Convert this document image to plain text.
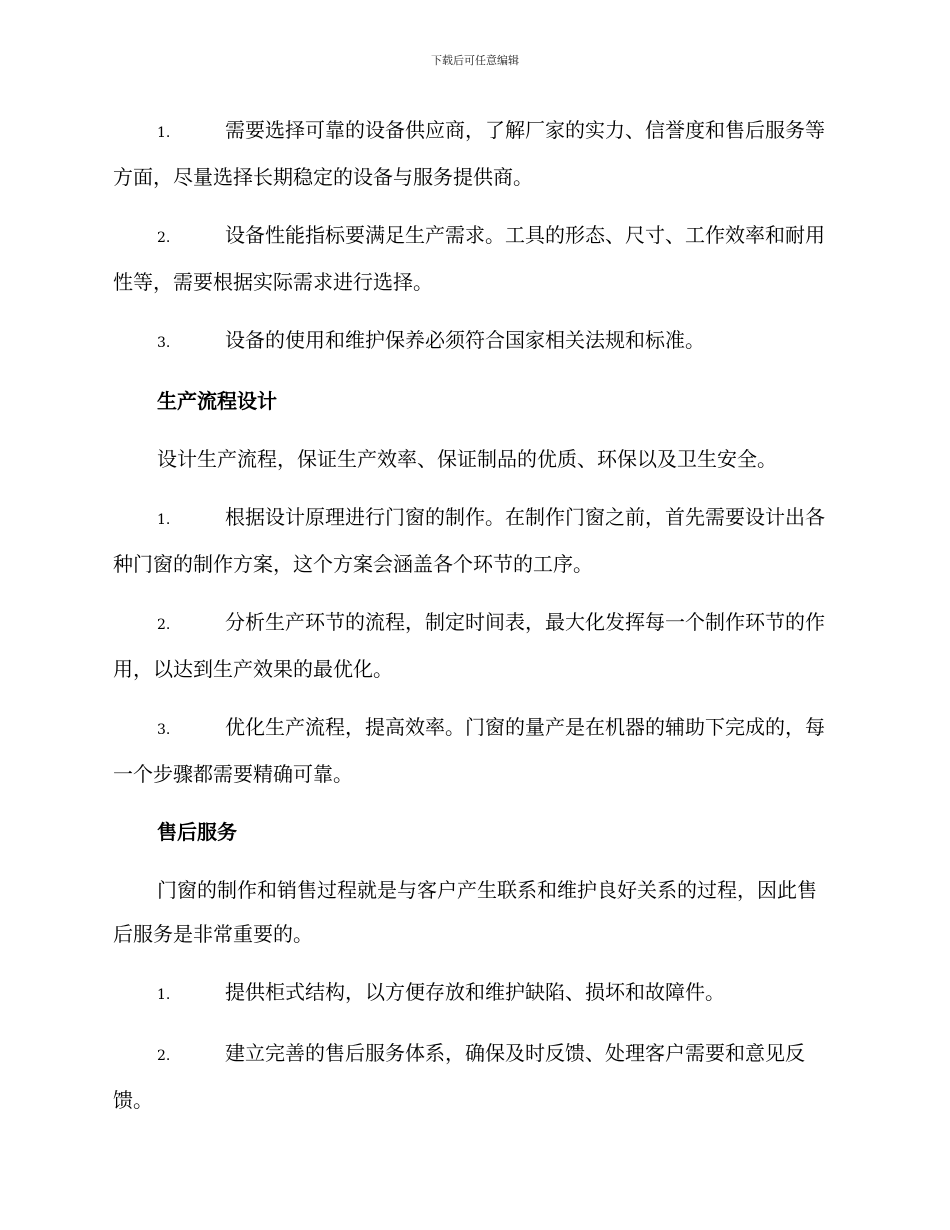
下载后可任意编辑
1.	需要选择可靠的设备供应商，了解厂家的实力、信誉度和售后服务等方面，尽量选择长期稳定的设备与服务提供商。
2.	设备性能指标要满足生产需求。工具的形态、尺寸、工作效率和耐用性等，需要根据实际需求进行选择。
3.	设备的使用和维护保养必须符合国家相关法规和标准。
生产流程设计
设计生产流程，保证生产效率、保证制品的优质、环保以及卫生安全。
1.	根据设计原理进行门窗的制作。在制作门窗之前，首先需要设计出各种门窗的制作方案，这个方案会涵盖各个环节的工序。
2.	分析生产环节的流程，制定时间表，最大化发挥每一个制作环节的作用，以达到生产效果的最优化。
3.	优化生产流程，提高效率。门窗的量产是在机器的辅助下完成的，每一个步骤都需要精确可靠。
售后服务
门窗的制作和销售过程就是与客户产生联系和维护良好关系的过程，因此售后服务是非常重要的。
1.	提供柜式结构，以方便存放和维护缺陷、损坏和故障件。
2.	建立完善的售后服务体系，确保及时反馈、处理客户需要和意见反馈。
